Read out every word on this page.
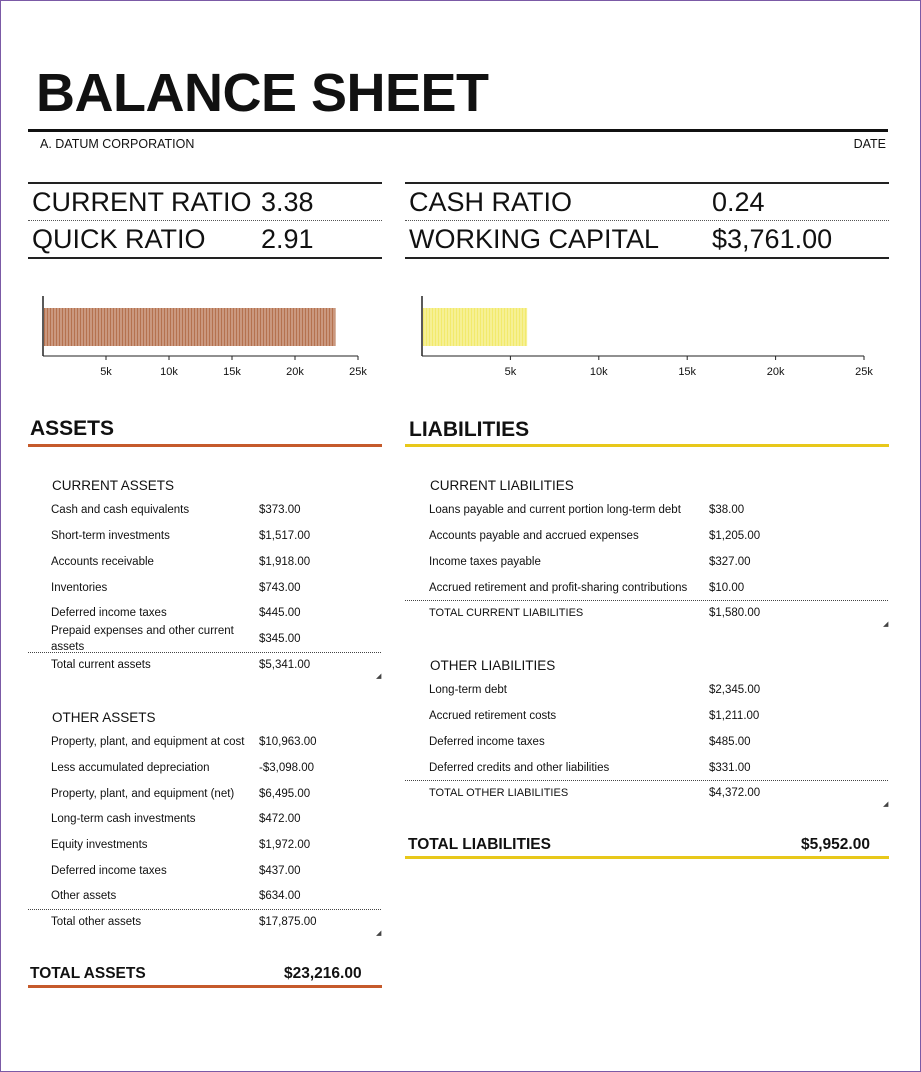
BALANCE SHEET
A. DATUM CORPORATION	DATE
CURRENT RATIO 3.38
QUICK RATIO 2.91
CASH RATIO	0.24
WORKING CAPITAL $3,761.00
5k	10k	15k	20k	25k	5k	10k	15k	20k	25k
ASSETS
CURRENT ASSETS
Cash and cash equivalents	$373.00
Short-term investments	$1,517.00
Accounts receivable	$1,918.00
Inventories	$743.00
Deferred income taxes	$445.00
Prepaid expenses and other current
assets
$345.00
Total current assets	$5,341.00
◢
OTHER ASSETS
Property, plant, and equipment at cost $10,963.00
Less accumulated depreciation	-$3,098.00
Property, plant, and equipment (net) $6,495.00
Long-term cash investments	$472.00
Equity investments	$1,972.00
Deferred income taxes	$437.00
Other assets	$634.00
Total other assets	$17,875.00
◢
TOTAL ASSETS	$23,216.00
LIABILITIES
CURRENT LIABILITIES
Loans payable and current portion long-term debt $38.00
Accounts payable and accrued expenses	$1,205.00
Income taxes payable	$327.00
Accrued retirement and profit-sharing contributions $10.00
TOTAL CURRENT LIABILITIES	$1,580.00
◢
OTHER LIABILITIES
Long-term debt	$2,345.00
Accrued retirement costs	$1,211.00
Deferred income taxes	$485.00
Deferred credits and other liabilities	$331.00
TOTAL OTHER LIABILITIES	$4,372.00
◢
TOTAL LIABILITIES	$5,952.00
